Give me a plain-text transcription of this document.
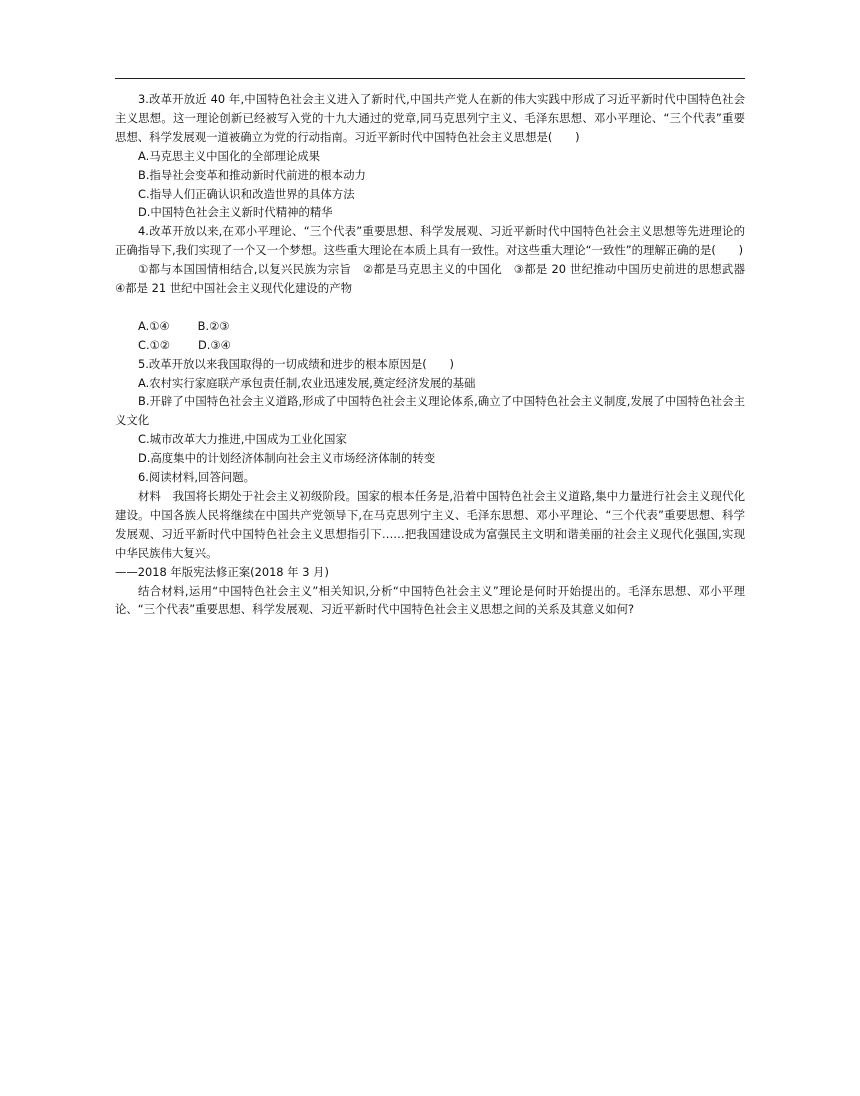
3.改革开放近 40 年,中国特色社会主义进入了新时代,中国共产党人在新的伟大实践中形成了习近平新时代中国特色社会主义思想。这一理论创新已经被写入党的十九大通过的党章,同马克思列宁主义、毛泽东思想、邓小平理论、“三个代表”重要思想、科学发展观一道被确立为党的行动指南。习近平新时代中国特色社会主义思想是(　　)

A.马克思主义中国化的全部理论成果

B.指导社会变革和推动新时代前进的根本动力

C.指导人们正确认识和改造世界的具体方法

D.中国特色社会主义新时代精神的精华

4.改革开放以来,在邓小平理论、“三个代表”重要思想、科学发展观、习近平新时代中国特色社会主义思想等先进理论的正确指导下,我们实现了一个又一个梦想。这些重大理论在本质上具有一致性。对这些重大理论“一致性”的理解正确的是(　　)

①都与本国国情相结合,以复兴民族为宗旨　②都是马克思主义的中国化　③都是 20 世纪推动中国历史前进的思想武器　④都是 21 世纪中国社会主义现代化建设的产物

A.①④ B.②③

C.①② D.③④

5.改革开放以来我国取得的一切成绩和进步的根本原因是(　　)

A.农村实行家庭联产承包责任制,农业迅速发展,奠定经济发展的基础

B.开辟了中国特色社会主义道路,形成了中国特色社会主义理论体系,确立了中国特色社会主义制度,发展了中国特色社会主义文化

C.城市改革大力推进,中国成为工业化国家

D.高度集中的计划经济体制向社会主义市场经济体制的转变

6.阅读材料,回答问题。

材料　我国将长期处于社会主义初级阶段。国家的根本任务是,沿着中国特色社会主义道路,集中力量进行社会主义现代化建设。中国各族人民将继续在中国共产党领导下,在马克思列宁主义、毛泽东思想、邓小平理论、“三个代表”重要思想、科学发展观、习近平新时代中国特色社会主义思想指引下……把我国建设成为富强民主文明和谐美丽的社会主义现代化强国,实现中华民族伟大复兴。

——2018 年版宪法修正案(2018 年 3 月)

结合材料,运用“中国特色社会主义”相关知识,分析“中国特色社会主义”理论是何时开始提出的。毛泽东思想、邓小平理论、“三个代表”重要思想、科学发展观、习近平新时代中国特色社会主义思想之间的关系及其意义如何?
